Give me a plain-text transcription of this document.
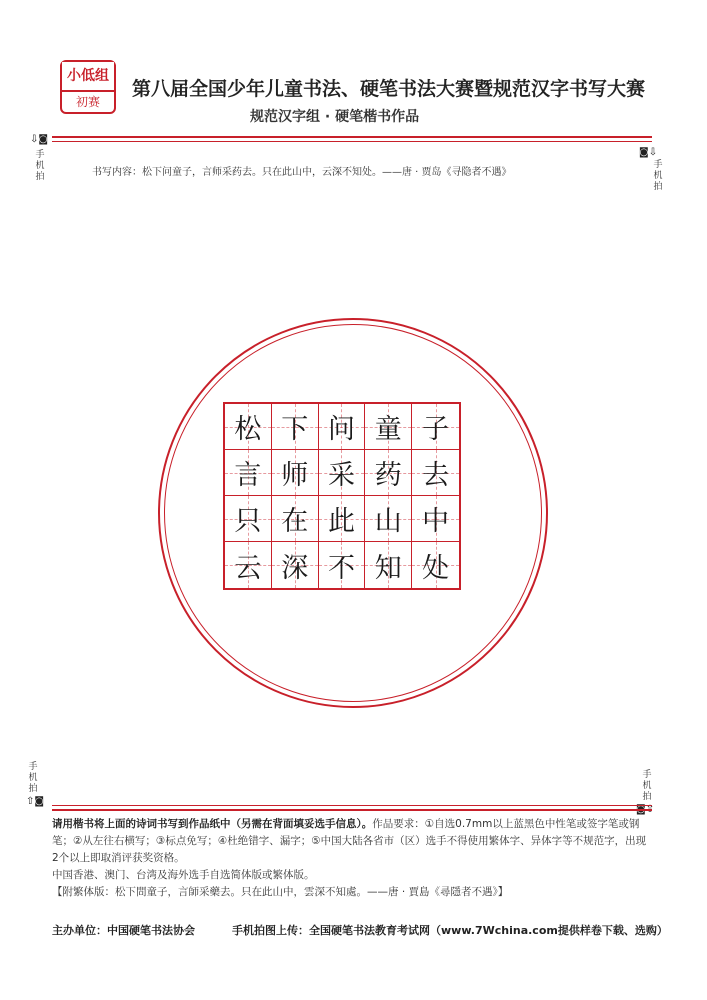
小低组
初赛
第八届全国少年儿童书法、硬笔书法大赛暨规范汉字书写大赛
规范汉字组 · 硬笔楷书作品
⇩◙
手机拍
◙⇩
手机拍
书写内容：松下问童子，言师采药去。只在此山中，云深不知处。——唐 · 贾岛《寻隐者不遇》
松 下 问 童 子
言 师 采 药 去
只 在 此 山 中
云 深 不 知 处
手机拍
⇧◙
手机拍
◙⇧
请用楷书将上面的诗词书写到作品纸中（另需在背面填妥选手信息）。作品要求：①自选0.7mm以上蓝黑色中性笔或签字笔或钢笔；②从左往右横写；③标点免写；④杜绝错字、漏字；⑤中国大陆各省市（区）选手不得使用繁体字、异体字等不规范字，出现2个以上即取消评获奖资格。
中国香港、澳门、台湾及海外选手自选简体版或繁体版。
【附繁体版：松下問童子，言師采藥去。只在此山中，雲深不知處。——唐 · 賈島《尋隱者不遇》】
主办单位：中国硬笔书法协会	手机拍图上传：全国硬笔书法教育考试网（www.7Wchina.com提供样卷下载、选购）
